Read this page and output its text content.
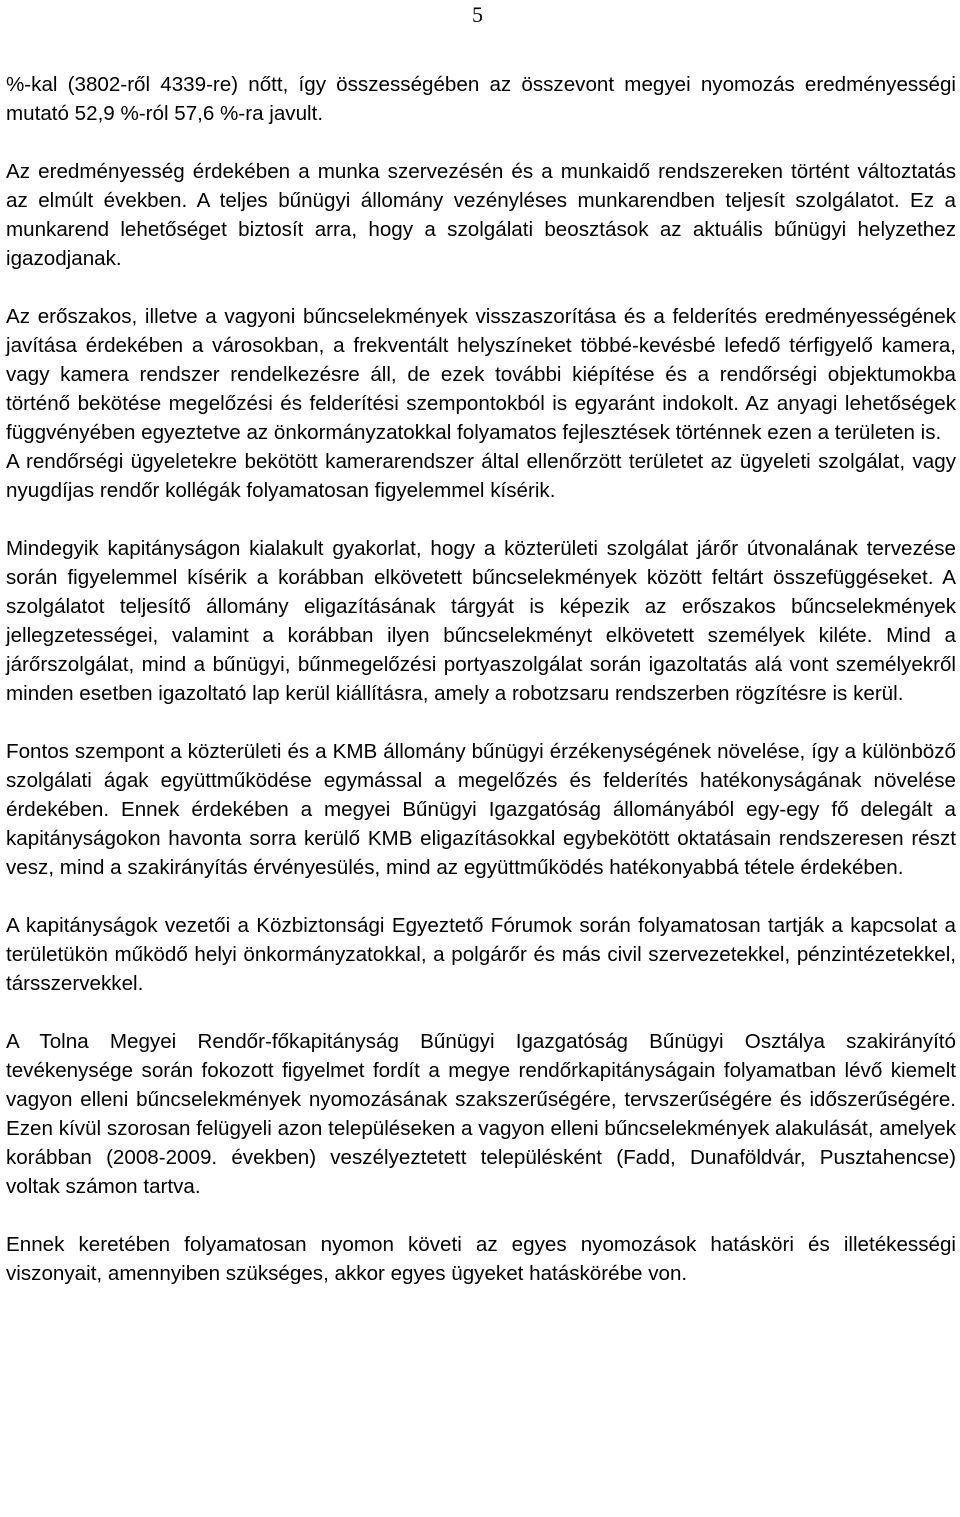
5

%-kal (3802-ről 4339-re) nőtt, így összességében az összevont megyei nyomozás eredményességi mutató 52,9 %-ról 57,6 %-ra javult.

Az eredményesség érdekében a munka szervezésén és a munkaidő rendszereken történt változtatás az elmúlt években. A teljes bűnügyi állomány vezényléses munkarendben teljesít szolgálatot. Ez a munkarend lehetőséget biztosít arra, hogy a szolgálati beosztások az aktuális bűnügyi helyzethez igazodjanak.

Az erőszakos, illetve a vagyoni bűncselekmények visszaszorítása és a felderítés eredményességének javítása érdekében a városokban, a frekventált helyszíneket többé-kevésbé lefedő térfigyelő kamera, vagy kamera rendszer rendelkezésre áll, de ezek további kiépítése és a rendőrségi objektumokba történő bekötése megelőzési és felderítési szempontokból is egyaránt indokolt. Az anyagi lehetőségek függvényében egyeztetve az önkormányzatokkal folyamatos fejlesztések történnek ezen a területen is.

A rendőrségi ügyeletekre bekötött kamerarendszer által ellenőrzött területet az ügyeleti szolgálat, vagy nyugdíjas rendőr kollégák folyamatosan figyelemmel kísérik.

Mindegyik kapitányságon kialakult gyakorlat, hogy a közterületi szolgálat járőr útvonalának tervezése során figyelemmel kísérik a korábban elkövetett bűncselekmények között feltárt összefüggéseket. A szolgálatot teljesítő állomány eligazításának tárgyát is képezik az erőszakos bűncselekmények jellegzetességei, valamint a korábban ilyen bűncselekményt elkövetett személyek kiléte. Mind a járőrszolgálat, mind a bűnügyi, bűnmegelőzési portyaszolgálat során igazoltatás alá vont személyekről minden esetben igazoltató lap kerül kiállításra, amely a robotzsaru rendszerben rögzítésre is kerül.

Fontos szempont a közterületi és a KMB állomány bűnügyi érzékenységének növelése, így a különböző szolgálati ágak együttműködése egymással a megelőzés és felderítés hatékonyságának növelése érdekében. Ennek érdekében a megyei Bűnügyi Igazgatóság állományából egy-egy fő delegált a kapitányságokon havonta sorra kerülő KMB eligazításokkal egybekötött oktatásain rendszeresen részt vesz, mind a szakirányítás érvényesülés, mind az együttműködés hatékonyabbá tétele érdekében.

A kapitányságok vezetői a Közbiztonsági Egyeztető Fórumok során folyamatosan tartják a kapcsolat a területükön működő helyi önkormányzatokkal, a polgárőr és más civil szervezetekkel, pénzintézetekkel, társszervekkel.

A Tolna Megyei Rendőr-főkapitányság Bűnügyi Igazgatóság Bűnügyi Osztálya szakirányító tevékenysége során fokozott figyelmet fordít a megye rendőrkapitányságain folyamatban lévő kiemelt vagyon elleni bűncselekmények nyomozásának szakszerűségére, tervszerűségére és időszerűségére. Ezen kívül szorosan felügyeli azon településeken a vagyon elleni bűncselekmények alakulását, amelyek korábban (2008-2009. években) veszélyeztetett településként (Fadd, Dunaföldvár, Pusztahencse) voltak számon tartva.

Ennek keretében folyamatosan nyomon követi az egyes nyomozások hatásköri és illetékességi viszonyait, amennyiben szükséges, akkor egyes ügyeket hatáskörébe von.
